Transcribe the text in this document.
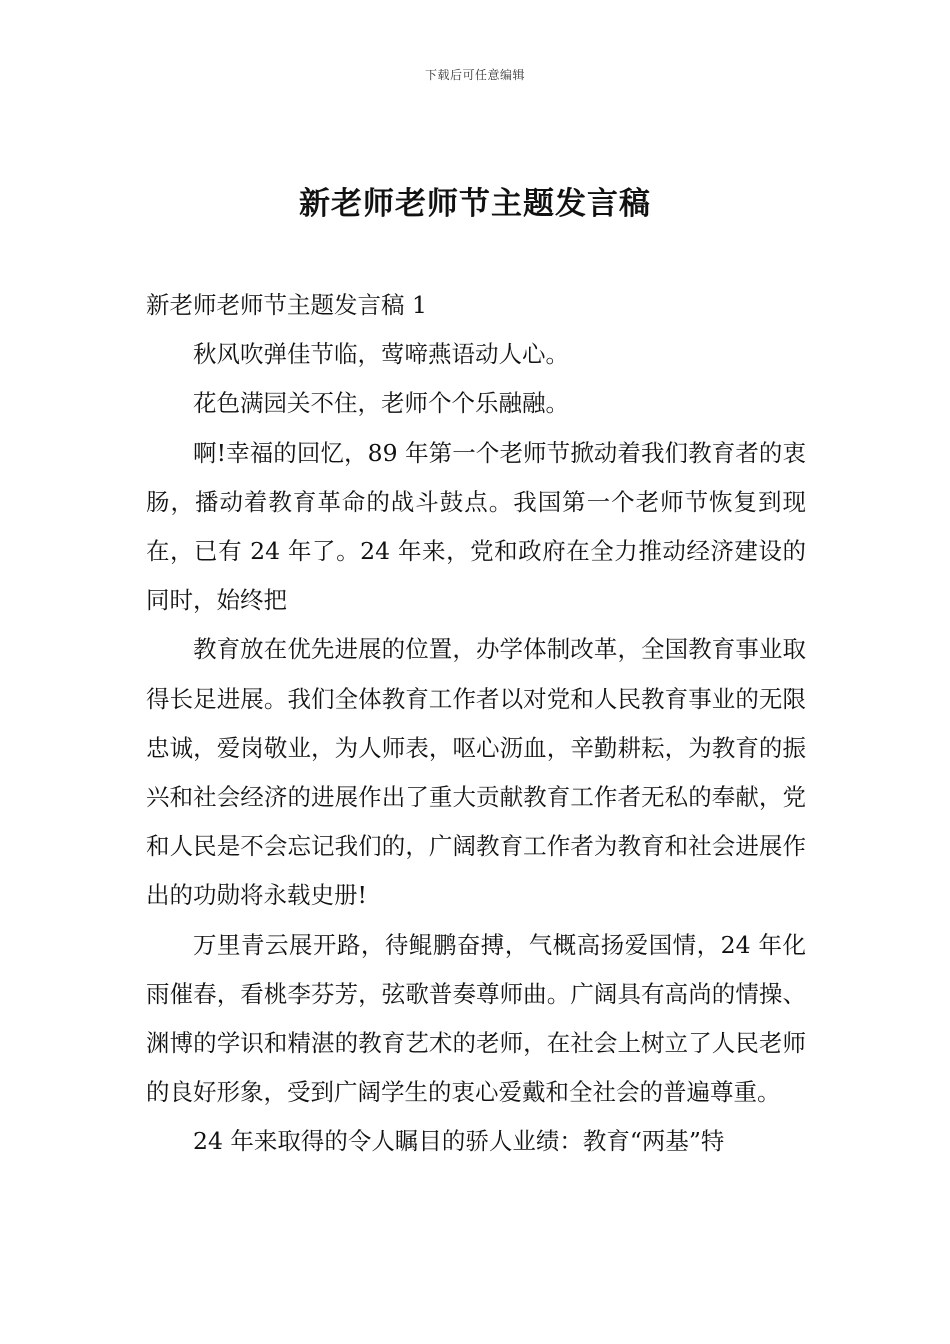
下载后可任意编辑
新老师老师节主题发言稿

新老师老师节主题发言稿 1

秋风吹弹佳节临，莺啼燕语动人心。

花色满园关不住，老师个个乐融融。

啊!幸福的回忆，89 年第一个老师节掀动着我们教育者的衷肠，播动着教育革命的战斗鼓点。我国第一个老师节恢复到现在，已有 24 年了。24 年来，党和政府在全力推动经济建设的同时，始终把

教育放在优先进展的位置，办学体制改革，全国教育事业取得长足进展。我们全体教育工作者以对党和人民教育事业的无限忠诚，爱岗敬业，为人师表，呕心沥血，辛勤耕耘，为教育的振兴和社会经济的进展作出了重大贡献教育工作者无私的奉献，党和人民是不会忘记我们的，广阔教育工作者为教育和社会进展作出的功勋将永载史册!

万里青云展开路，待鲲鹏奋搏，气概高扬爱国情，24 年化雨催春，看桃李芬芳，弦歌普奏尊师曲。广阔具有高尚的情操、渊博的学识和精湛的教育艺术的老师，在社会上树立了人民老师的良好形象，受到广阔学生的衷心爱戴和全社会的普遍尊重。

24 年来取得的令人瞩目的骄人业绩：教育“两基”特
